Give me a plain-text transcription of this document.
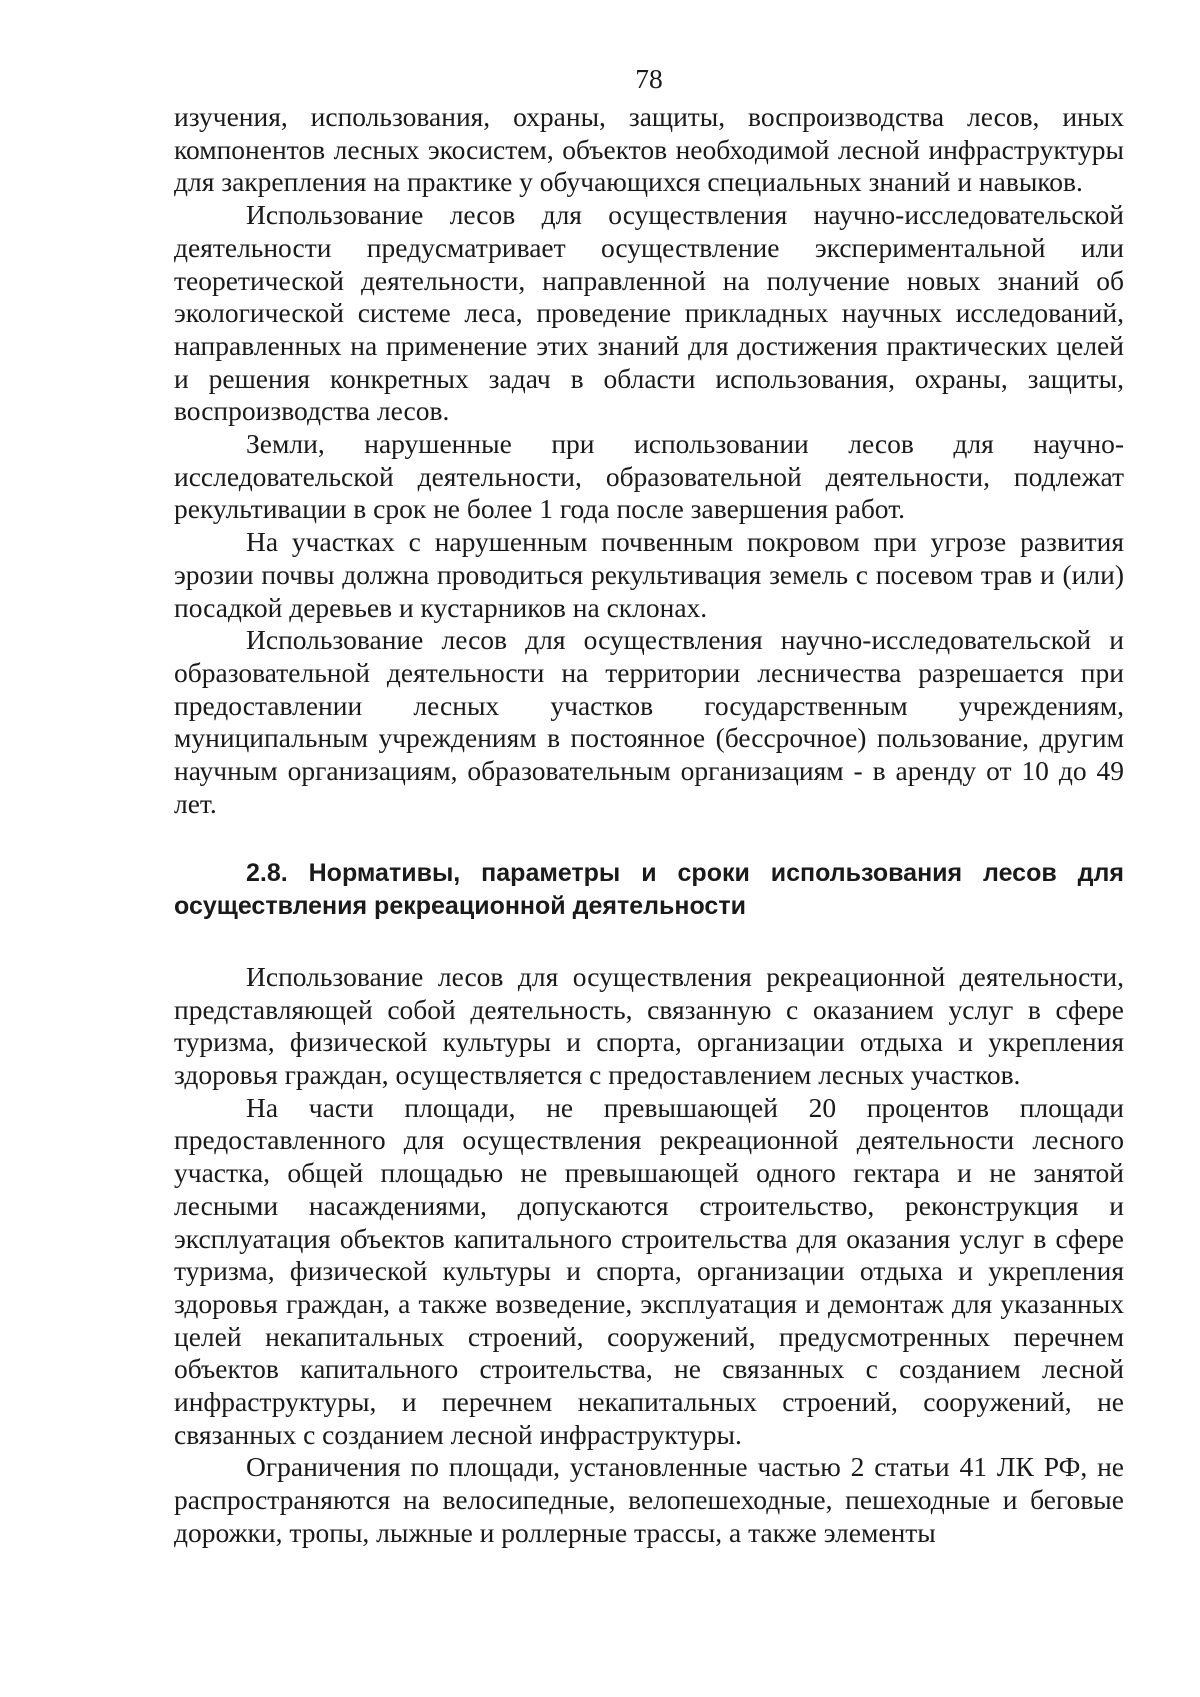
78

изучения, использования, охраны, защиты, воспроизводства лесов, иных компонентов лесных экосистем, объектов необходимой лесной инфраструктуры для закрепления на практике у обучающихся специальных знаний и навыков.

Использование лесов для осуществления научно-исследовательской деятельности предусматривает осуществление экспериментальной или теоретической деятельности, направленной на получение новых знаний об экологической системе леса, проведение прикладных научных исследований, направленных на применение этих знаний для достижения практических целей и решения конкретных задач в области использования, охраны, защиты, воспроизводства лесов.

Земли, нарушенные при использовании лесов для научно-исследовательской деятельности, образовательной деятельности, подлежат рекультивации в срок не более 1 года после завершения работ.

На участках с нарушенным почвенным покровом при угрозе развития эрозии почвы должна проводиться рекультивация земель с посевом трав и (или) посадкой деревьев и кустарников на склонах.

Использование лесов для осуществления научно-исследовательской и образовательной деятельности на территории лесничества разрешается при предоставлении лесных участков государственным учреждениям, муниципальным учреждениям в постоянное (бессрочное) пользование, другим научным организациям, образовательным организациям - в аренду от 10 до 49 лет.

2.8. Нормативы, параметры и сроки использования лесов для осуществления рекреационной деятельности

Использование лесов для осуществления рекреационной деятельности, представляющей собой деятельность, связанную с оказанием услуг в сфере туризма, физической культуры и спорта, организации отдыха и укрепления здоровья граждан, осуществляется с предоставлением лесных участков.

На части площади, не превышающей 20 процентов площади предоставленного для осуществления рекреационной деятельности лесного участка, общей площадью не превышающей одного гектара и не занятой лесными насаждениями, допускаются строительство, реконструкция и эксплуатация объектов капитального строительства для оказания услуг в сфере туризма, физической культуры и спорта, организации отдыха и укрепления здоровья граждан, а также возведение, эксплуатация и демонтаж для указанных целей некапитальных строений, сооружений, предусмотренных перечнем объектов капитального строительства, не связанных с созданием лесной инфраструктуры, и перечнем некапитальных строений, сооружений, не связанных с созданием лесной инфраструктуры.

Ограничения по площади, установленные частью 2 статьи 41 ЛК РФ, не распространяются на велосипедные, велопешеходные, пешеходные и беговые дорожки, тропы, лыжные и роллерные трассы, а также элементы
